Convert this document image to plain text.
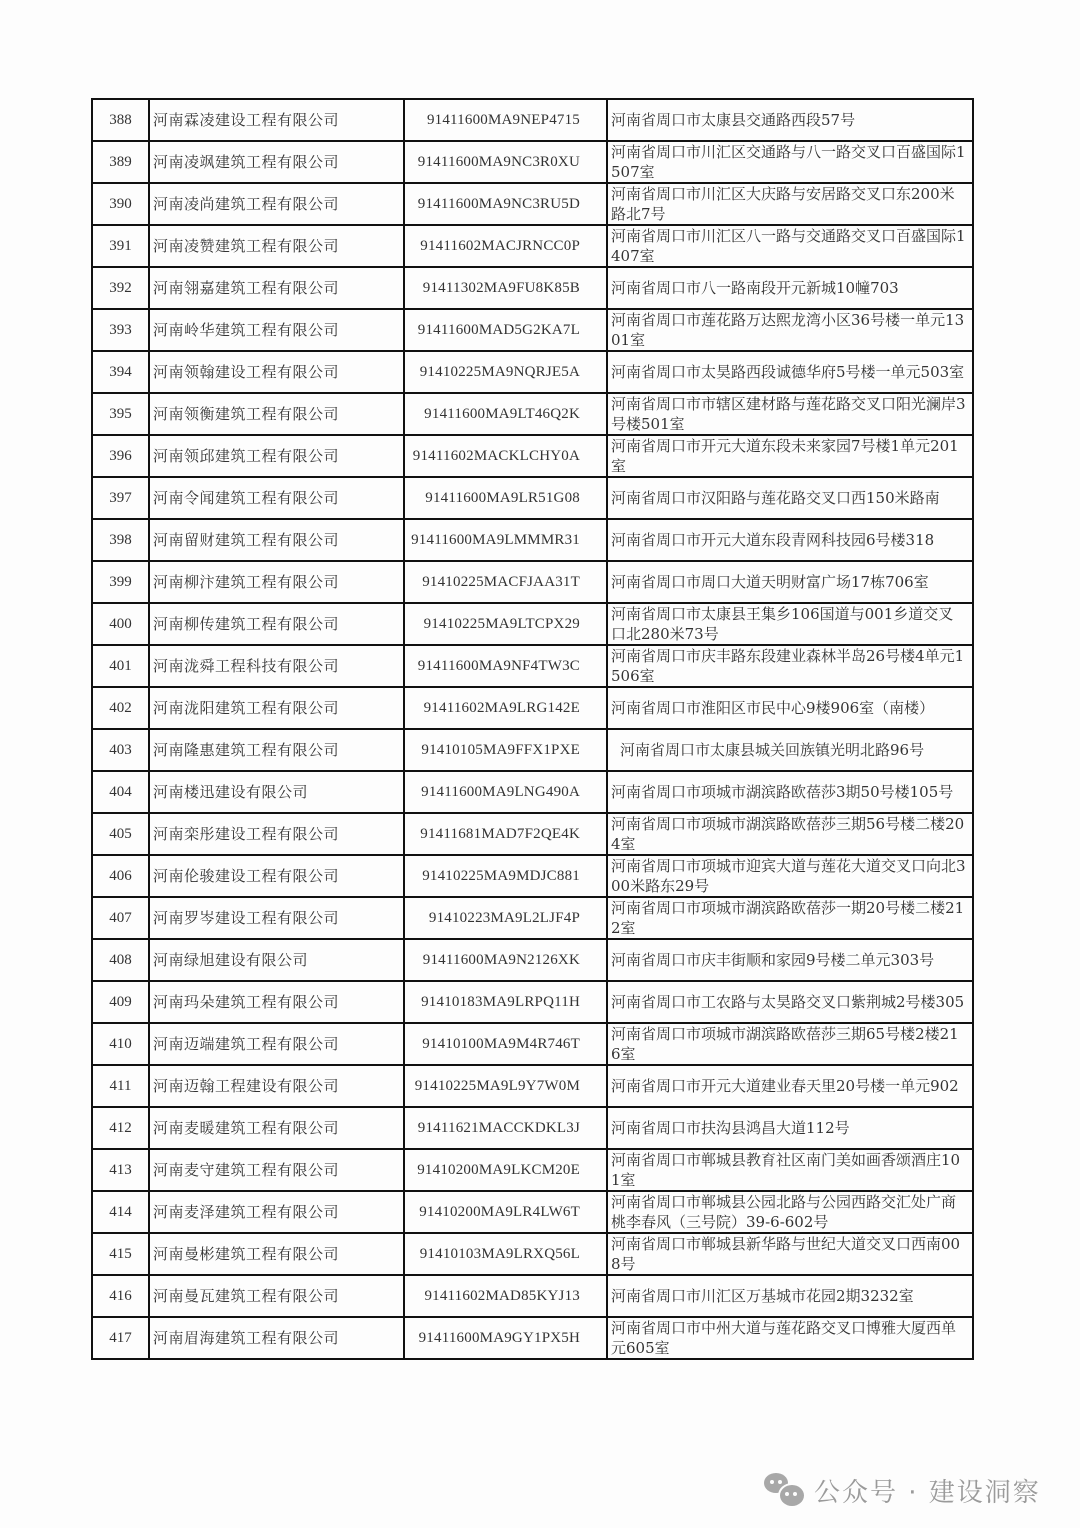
388	河南霖凌建设工程有限公司	91411600MA9NEP4715	河南省周口市太康县交通路西段57号
389	河南凌飒建筑工程有限公司	91411600MA9NC3R0XU	河南省周口市川汇区交通路与八一路交叉口百盛国际1507室
390	河南凌尚建筑工程有限公司	91411600MA9NC3RU5D	河南省周口市川汇区大庆路与安居路交叉口东200米路北7号
391	河南凌赞建筑工程有限公司	91411602MACJRNCC0P	河南省周口市川汇区八一路与交通路交叉口百盛国际1407室
392	河南翎嘉建筑工程有限公司	91411302MA9FU8K85B	河南省周口市八一路南段开元新城10幢703
393	河南岭华建筑工程有限公司	91411600MAD5G2KA7L	河南省周口市莲花路万达熙龙湾小区36号楼一单元1301室
394	河南领翰建设工程有限公司	91410225MA9NQRJE5A	河南省周口市太昊路西段诚德华府5号楼一单元503室
395	河南领衡建筑工程有限公司	91411600MA9LT46Q2K	河南省周口市市辖区建材路与莲花路交叉口阳光澜岸3号楼501室
396	河南领邱建筑工程有限公司	91411602MACKLCHY0A	河南省周口市开元大道东段未来家园7号楼1单元201室
397	河南令闻建筑工程有限公司	91411600MA9LR51G08	河南省周口市汉阳路与莲花路交叉口西150米路南
398	河南留财建筑工程有限公司	91411600MA9LMMMR31	河南省周口市开元大道东段青网科技园6号楼318
399	河南柳汴建筑工程有限公司	91410225MACFJAA31T	河南省周口市周口大道天明财富广场17栋706室
400	河南柳传建筑工程有限公司	91410225MA9LTCPX29	河南省周口市太康县王集乡106国道与001乡道交叉口北280米73号
401	河南泷舜工程科技有限公司	91411600MA9NF4TW3C	河南省周口市庆丰路东段建业森林半岛26号楼4单元1506室
402	河南泷阳建筑工程有限公司	91411602MA9LRG142E	河南省周口市淮阳区市民中心9楼906室（南楼）
403	河南隆惠建筑工程有限公司	91410105MA9FFX1PXE	河南省周口市太康县城关回族镇光明北路96号
404	河南楼迅建设有限公司	91411600MA9LNG490A	河南省周口市项城市湖滨路欧蓓莎3期50号楼105号
405	河南栾彤建设工程有限公司	91411681MAD7F2QE4K	河南省周口市项城市湖滨路欧蓓莎三期56号楼二楼204室
406	河南伦骏建设工程有限公司	91410225MA9MDJC881	河南省周口市项城市迎宾大道与莲花大道交叉口向北300米路东29号
407	河南罗岑建设工程有限公司	91410223MA9L2LJF4P	河南省周口市项城市湖滨路欧蓓莎一期20号楼二楼212室
408	河南绿旭建设有限公司	91411600MA9N2126XK	河南省周口市庆丰街顺和家园9号楼二单元303号
409	河南玛朵建筑工程有限公司	91410183MA9LRPQ11H	河南省周口市工农路与太昊路交叉口紫荆城2号楼305
410	河南迈端建筑工程有限公司	91410100MA9M4R746T	河南省周口市项城市湖滨路欧蓓莎三期65号楼2楼216室
411	河南迈翰工程建设有限公司	91410225MA9L9Y7W0M	河南省周口市开元大道建业春天里20号楼一单元902
412	河南麦暖建筑工程有限公司	91411621MACCKDKL3J	河南省周口市扶沟县鸿昌大道112号
413	河南麦守建筑工程有限公司	91410200MA9LKCM20E	河南省周口市郸城县教育社区南门美如画香颂酒庄101室
414	河南麦泽建筑工程有限公司	91410200MA9LR4LW6T	河南省周口市郸城县公园北路与公园西路交汇处广商桃李春风（三号院）39-6-602号
415	河南曼彬建筑工程有限公司	91410103MA9LRXQ56L	河南省周口市郸城县新华路与世纪大道交叉口西南008号
416	河南曼瓦建筑工程有限公司	91411602MAD85KYJ13	河南省周口市川汇区万基城市花园2期3232室
417	河南眉海建筑工程有限公司	91411600MA9GY1PX5H	河南省周口市中州大道与莲花路交叉口博雅大厦西单元605室
公众号 · 建设洞察
